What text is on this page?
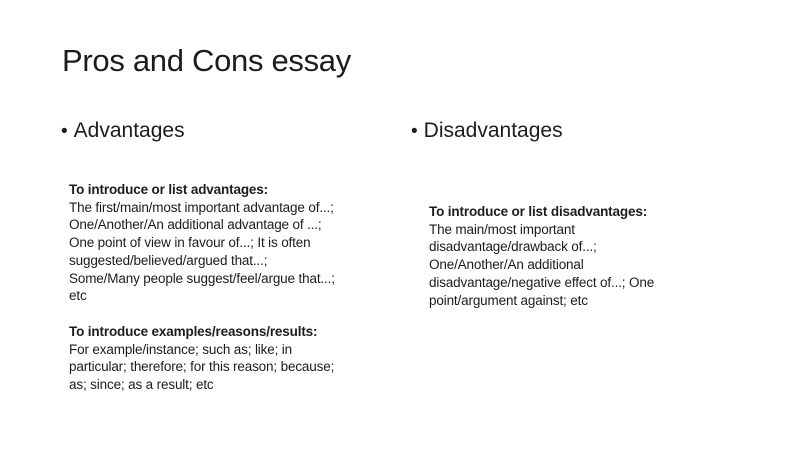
Pros and Cons essay
• Advantages	• Disadvantages
To introduce or list advantages:
The first/main/most important advantage of...;
One/Another/An additional advantage of ...;
One point of view in favour of...; It is often
suggested/believed/argued that...;
Some/Many people suggest/feel/argue that...;
etc
To introduce examples/reasons/results:
For example/instance; such as; like; in
particular; therefore; for this reason; because;
as; since; as a result; etc
To introduce or list disadvantages:
The main/most important
disadvantage/drawback of...;
One/Another/An additional
disadvantage/negative effect of...; One
point/argument against; etc
